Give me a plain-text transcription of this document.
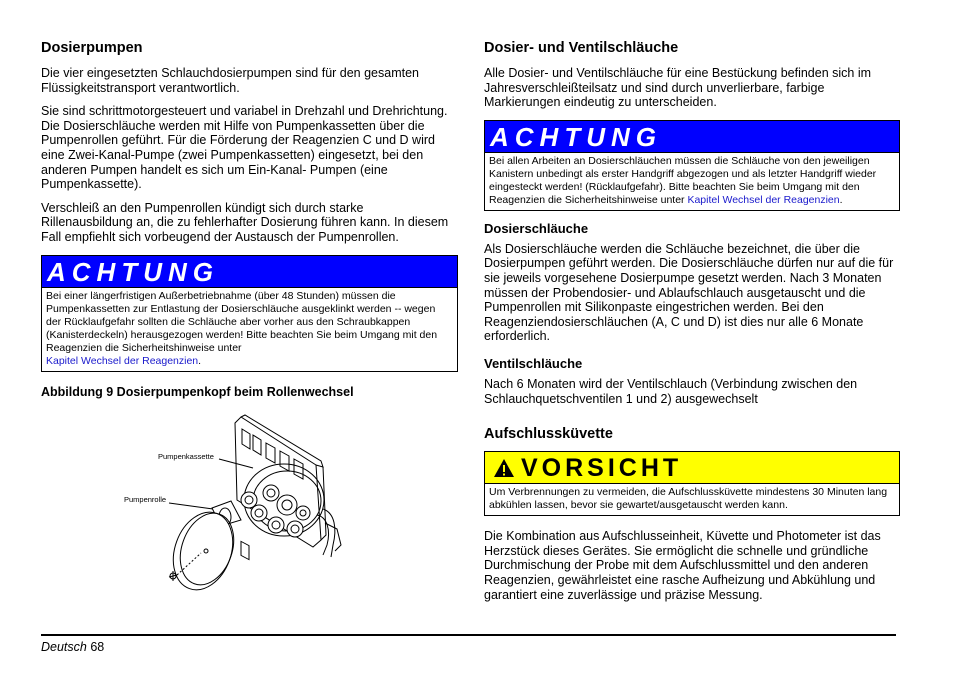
Dosierpumpen

Die vier eingesetzten Schlauchdosierpumpen sind für den gesamten Flüssigkeitstransport verantwortlich.

Sie sind schrittmotorgesteuert und variabel in Drehzahl und Drehrichtung. Die Dosierschläuche werden mit Hilfe von Pumpenkassetten über die Pumpenrollen geführt. Für die Förderung der Reagenzien C und D wird eine Zwei-Kanal-Pumpe (zwei Pumpenkassetten) eingesetzt, bei den anderen Pumpen handelt es sich um Ein-Kanal- Pumpen (eine Pumpenkassette).

Verschleiß an den Pumpenrollen kündigt sich durch starke Rillenausbildung an, die zu fehlerhafter Dosierung führen kann. In diesem Fall empfiehlt sich vorbeugend der Austausch der Pumpenrollen.

ACHTUNG
Bei einer längerfristigen Außerbetriebnahme (über 48 Stunden) müssen die Pumpenkassetten zur Entlastung der Dosierschläuche ausgeklinkt werden -- wegen der Rücklaufgefahr sollten die Schläuche aber vorher aus den Schraubkappen (Kanisterdeckeln) herausgezogen werden! Bitte beachten Sie beim Umgang mit den Reagenzien die Sicherheitshinweise unter
Kapitel Wechsel der Reagenzien.
Abbildung 9 Dosierpumpenkopf beim Rollenwechsel
Pumpenkassette
Pumpenrolle
Dosier- und Ventilschläuche

Alle Dosier- und Ventilschläuche für eine Bestückung befinden sich im Jahresverschleißteilsatz und sind durch unverlierbare, farbige Markierungen eindeutig zu unterscheiden.

ACHTUNG
Bei allen Arbeiten an Dosierschläuchen müssen die Schläuche von den jeweiligen Kanistern unbedingt als erster Handgriff abgezogen und als letzter Handgriff wieder eingesteckt werden! (Rücklaufgefahr). Bitte beachten Sie beim Umgang mit den Reagenzien die Sicherheitshinweise unter Kapitel Wechsel der Reagenzien.
Dosierschläuche

Als Dosierschläuche werden die Schläuche bezeichnet, die über die Dosierpumpen geführt werden. Die Dosierschläuche dürfen nur auf die für sie jeweils vorgesehene Dosierpumpe gesetzt werden. Nach 3 Monaten müssen der Probendosier- und Ablaufschlauch ausgetauscht und die Pumpenrollen mit Silikonpaste eingestrichen werden. Bei den Reagenziendosierschläuchen (A, C und D) ist dies nur alle 6 Monate erforderlich.

Ventilschläuche

Nach 6 Monaten wird der Ventilschlauch (Verbindung zwischen den Schlauchquetschventilen 1 und 2) ausgewechselt

Aufschlussküvette
VORSICHT
Um Verbrennungen zu vermeiden, die Aufschlussküvette mindestens 30 Minuten lang abkühlen lassen, bevor sie gewartet/ausgetauscht werden kann.

Die Kombination aus Aufschlusseinheit, Küvette und Photometer ist das Herzstück dieses Gerätes. Sie ermöglicht die schnelle und gründliche Durchmischung der Probe mit dem Aufschlussmittel und den anderen Reagenzien, gewährleistet eine rasche Aufheizung und Abkühlung und garantiert eine zuverlässige und präzise Messung.

Deutsch 68
